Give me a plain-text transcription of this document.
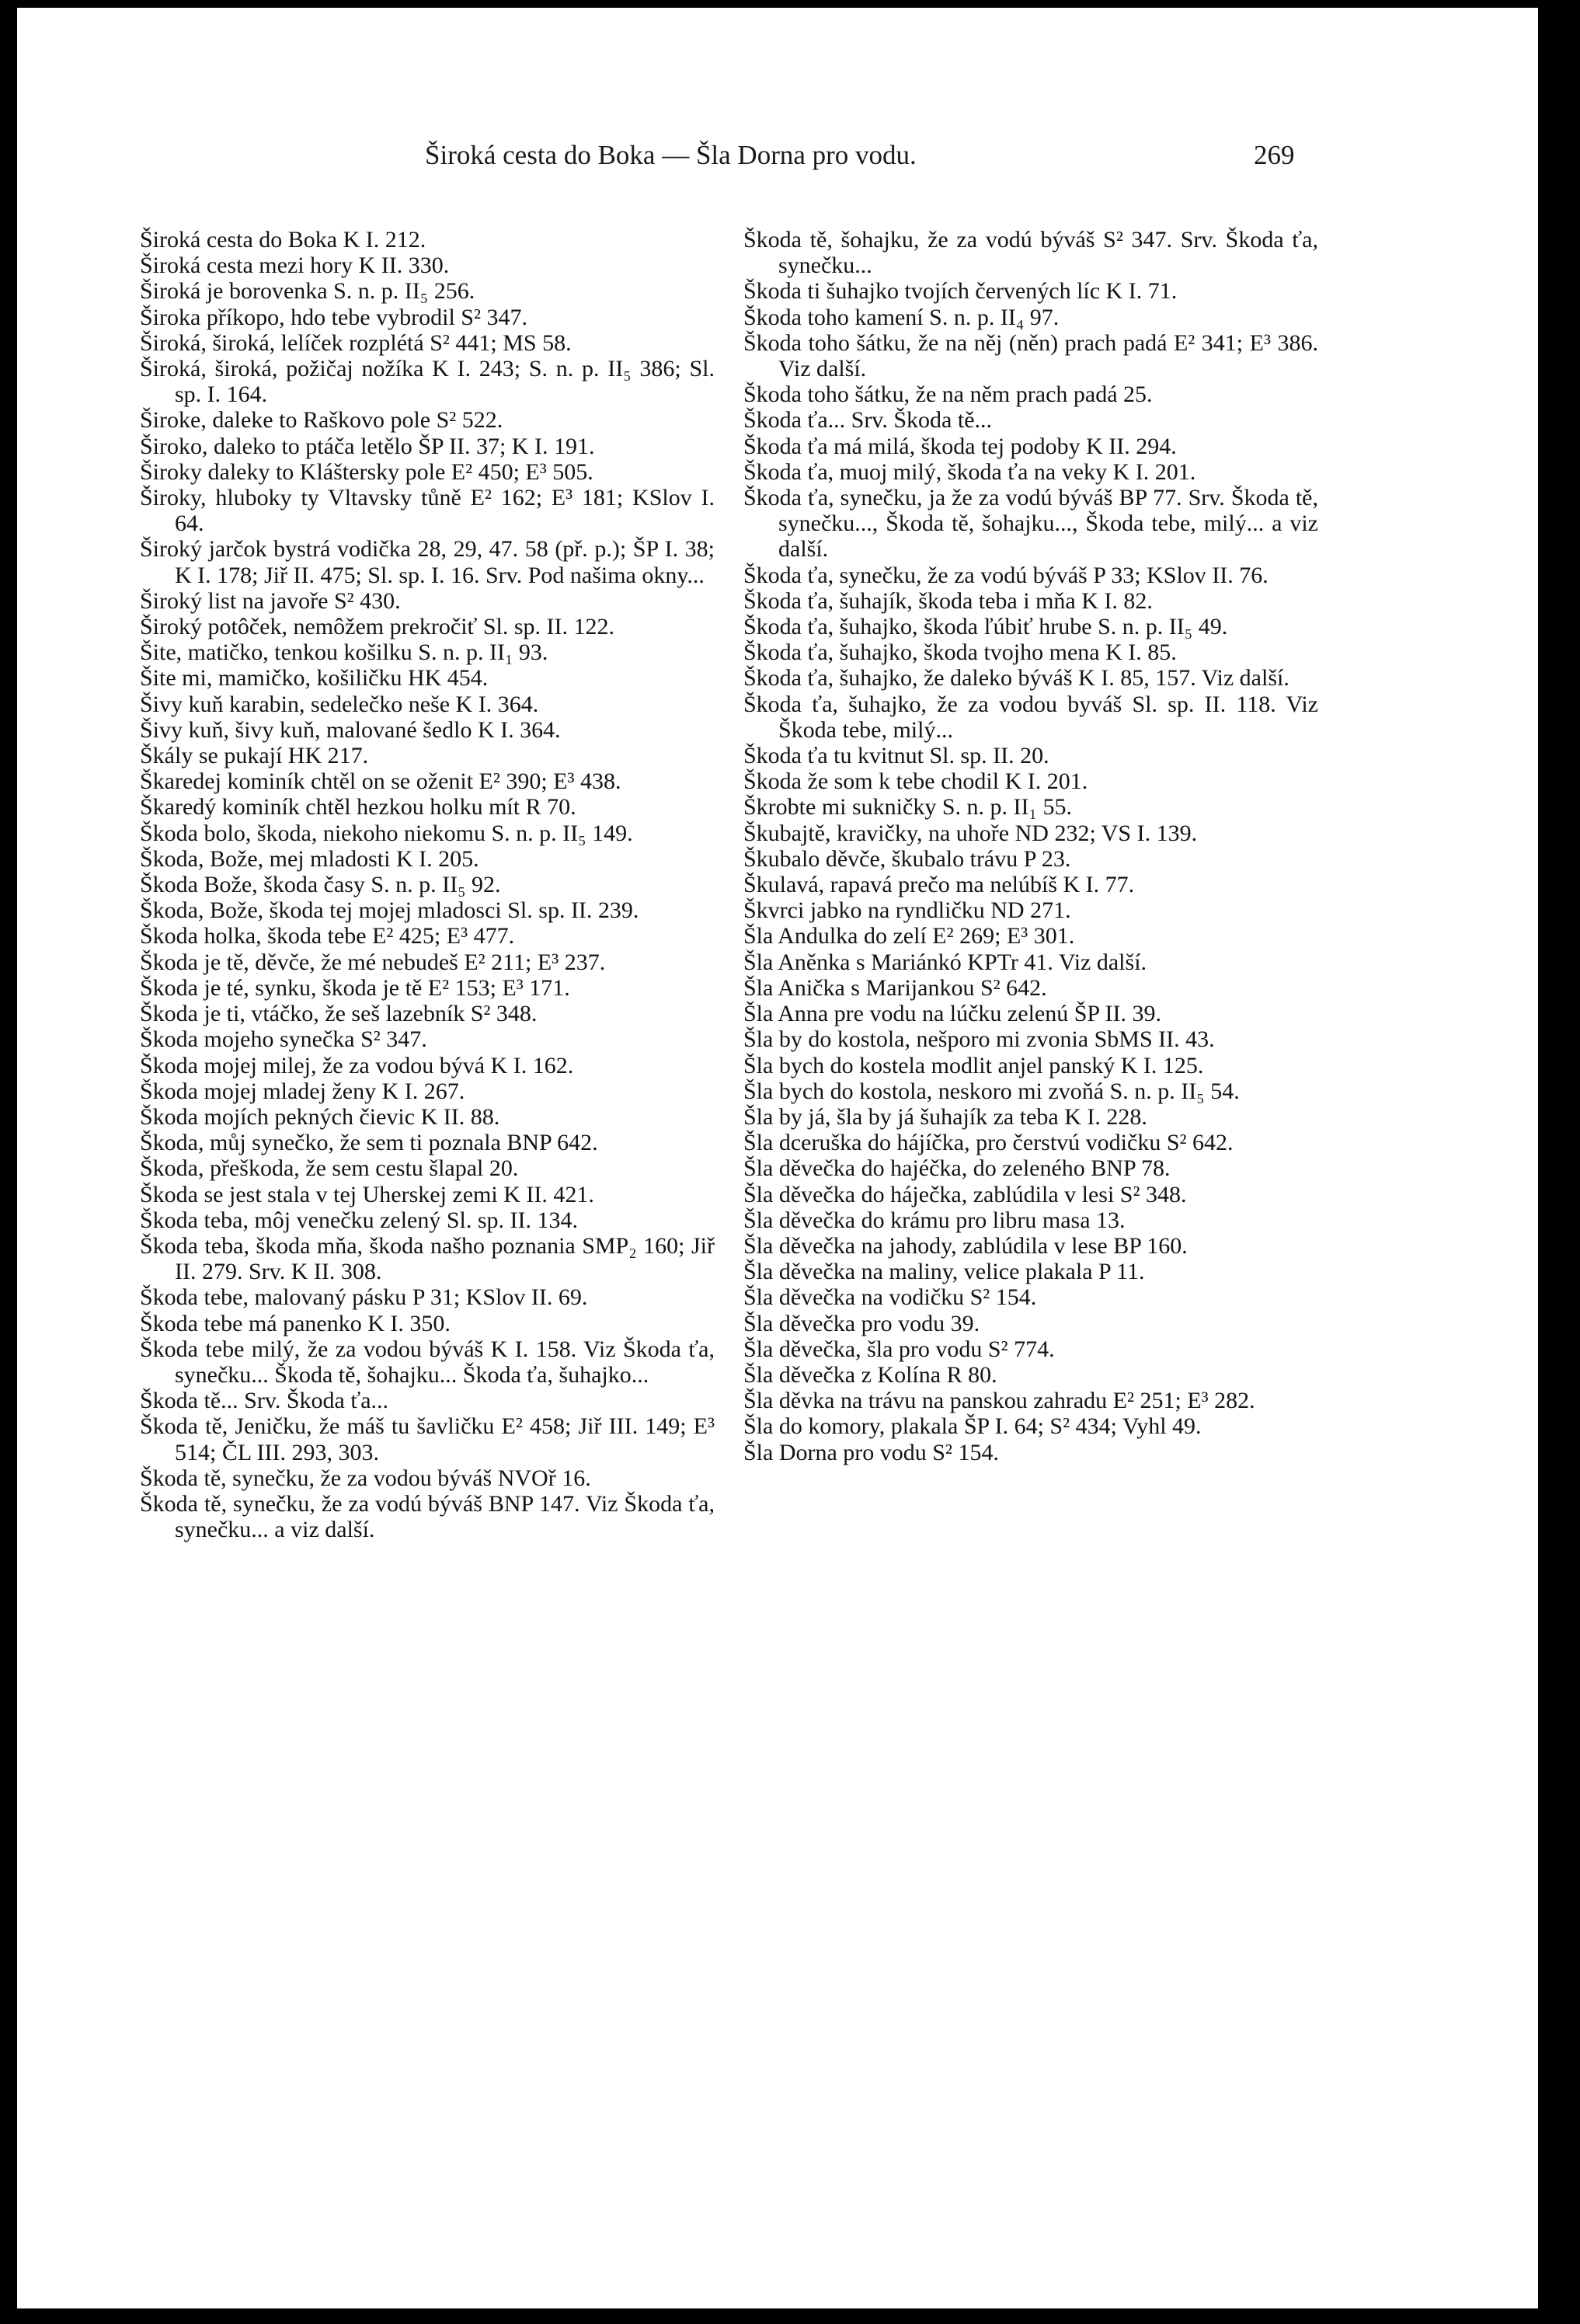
Široká cesta do Boka — Šla Dorna pro vodu.	269

Široká cesta do Boka K I. 212.

Široká cesta mezi hory K II. 330.

Široká je borovenka S. n. p. II₅ 256.

Široka příkopo, hdo tebe vybrodil S² 347.

Široká, široká, lelíček rozplétá S² 441; MS 58.

Široká, široká, požičaj nožíka K I. 243; S. n. p. II₅ 386; Sl. sp. I. 164.

Široke, daleke to Raškovo pole S² 522.

Široko, daleko to ptáča letělo ŠP II. 37; K I. 191.

Široky daleky to Kláštersky pole E² 450; E³ 505.

Široky, hluboky ty Vltavsky tůně E² 162; E³ 181; KSlov I. 64.

Široký jarčok bystrá vodička 28, 29, 47. 58 (př. p.); ŠP I. 38; K I. 178; Jiř II. 475; Sl. sp. I. 16. Srv. Pod našima okny...

Široký list na javoře S² 430.

Široký potôček, nemôžem prekročiť Sl. sp. II. 122.

Šite, matičko, tenkou košilku S. n. p. II₁ 93.

Šite mi, mamičko, košiličku HK 454.

Šivy kuň karabin, sedelečko neše K I. 364.

Šivy kuň, šivy kuň, malované šedlo K I. 364.

Škály se pukají HK 217.

Škaredej kominík chtěl on se oženit E² 390; E³ 438.

Škaredý kominík chtěl hezkou holku mít R 70.

Škoda bolo, škoda, niekoho niekomu S. n. p. II₅ 149.

Škoda, Bože, mej mladosti K I. 205.

Škoda Bože, škoda časy S. n. p. II₅ 92.

Škoda, Bože, škoda tej mojej mladosci Sl. sp. II. 239.

Škoda holka, škoda tebe E² 425; E³ 477.

Škoda je tě, děvče, že mé nebudeš E² 211; E³ 237.

Škoda je té, synku, škoda je tě E² 153; E³ 171.

Škoda je ti, vtáčko, že seš lazebník S² 348.

Škoda mojeho synečka S² 347.

Škoda mojej milej, že za vodou bývá K I. 162.

Škoda mojej mladej ženy K I. 267.

Škoda mojích pekných čievic K II. 88.

Škoda, můj synečko, že sem ti poznala BNP 642.

Škoda, přeškoda, že sem cestu šlapal 20.

Škoda se jest stala v tej Uherskej zemi K II. 421.

Škoda teba, môj venečku zelený Sl. sp. II. 134.

Škoda teba, škoda mňa, škoda našho poznania SMP₂ 160; Jiř II. 279. Srv. K II. 308.

Škoda tebe, malovaný pásku P 31; KSlov II. 69.

Škoda tebe má panenko K I. 350.

Škoda tebe milý, že za vodou býváš K I. 158. Viz Škoda ťa, synečku... Škoda tě, šohajku... Škoda ťa, šuhajko...

Škoda tě... Srv. Škoda ťa...

Škoda tě, Jeničku, že máš tu šavličku E² 458; Jiř III. 149; E³ 514; ČL III. 293, 303.

Škoda tě, synečku, že za vodou býváš NVOř 16.

Škoda tě, synečku, že za vodú býváš BNP 147. Viz Škoda ťa, synečku... a viz další.

Škoda tě, šohajku, že za vodú býváš S² 347. Srv. Škoda ťa, synečku...

Škoda ti šuhajko tvojích červených líc K I. 71.

Škoda toho kamení S. n. p. II₄ 97.

Škoda toho šátku, že na něj (něn) prach padá E² 341; E³ 386. Viz další.

Škoda toho šátku, že na něm prach padá 25.

Škoda ťa... Srv. Škoda tě...

Škoda ťa má milá, škoda tej podoby K II. 294.

Škoda ťa, muoj milý, škoda ťa na veky K I. 201.

Škoda ťa, synečku, ja že za vodú býváš BP 77. Srv. Škoda tě, synečku..., Škoda tě, šohajku..., Škoda tebe, milý... a viz další.

Škoda ťa, synečku, že za vodú býváš P 33; KSlov II. 76.

Škoda ťa, šuhajík, škoda teba i mňa K I. 82.

Škoda ťa, šuhajko, škoda ľúbiť hrube S. n. p. II₅ 49.

Škoda ťa, šuhajko, škoda tvojho mena K I. 85.

Škoda ťa, šuhajko, že daleko býváš K I. 85, 157. Viz další.

Škoda ťa, šuhajko, že za vodou byváš Sl. sp. II. 118. Viz Škoda tebe, milý...

Škoda ťa tu kvitnut Sl. sp. II. 20.

Škoda že som k tebe chodil K I. 201.

Škrobte mi sukničky S. n. p. II₁ 55.

Škubajtě, kravičky, na uhoře ND 232; VS I. 139.

Škubalo děvče, škubalo trávu P 23.

Škulavá, rapavá prečo ma nelúbíš K I. 77.

Škvrci jabko na ryndličku ND 271.

Šla Andulka do zelí E² 269; E³ 301.

Šla Aněnka s Mariánkó KPTr 41. Viz další.

Šla Anička s Marijankou S² 642.

Šla Anna pre vodu na lúčku zelenú ŠP II. 39.

Šla by do kostola, nešporo mi zvonia SbMS II. 43.

Šla bych do kostela modlit anjel panský K I. 125.

Šla bych do kostola, neskoro mi zvoňá S. n. p. II₅ 54.

Šla by já, šla by já šuhajík za teba K I. 228.

Šla dceruška do hájíčka, pro čerstvú vodičku S² 642.

Šla děvečka do hajéčka, do zeleného BNP 78.

Šla děvečka do háječka, zablúdila v lesi S² 348.

Šla děvečka do krámu pro libru masa 13.

Šla děvečka na jahody, zablúdila v lese BP 160.

Šla děvečka na maliny, velice plakala P 11.

Šla děvečka na vodičku S² 154.

Šla děvečka pro vodu 39.

Šla děvečka, šla pro vodu S² 774.

Šla děvečka z Kolína R 80.

Šla děvka na trávu na panskou zahradu E² 251; E³ 282.

Šla do komory, plakala ŠP I. 64; S² 434; Vyhl 49.

Šla Dorna pro vodu S² 154.
